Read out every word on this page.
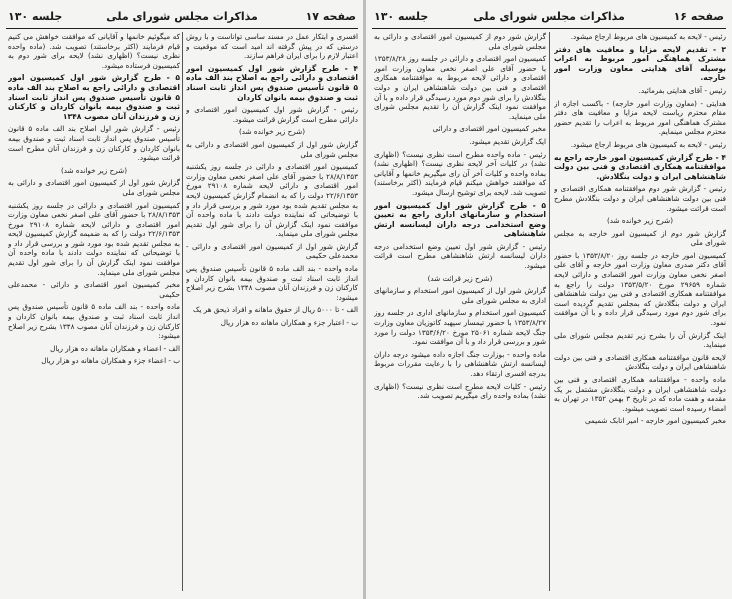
صفحه ۱۷
مذاکرات مجلس شورای ملی
جلسه ۱۳۰

افسری و ابتکار عمل در مسند ساسی تواناست و با روش درستی که در پیش گرفته اند امید است که موقعیت و اعتبار لازم را برای ایران فراهم سازند.

۴ - طرح گزارش شور اول کمیسیون امور اقتصادی و دارائی راجع به اصلاح بند الف ماده ۵ قانون تأسیس صندوق پس انداز ثابت اسناد ثبت و صندوق بیمه بانوان کاردان

رئیس - گزارش شور اول کمیسیون امور اقتصادی و دارائی مطرح است گزارش قرائت میشود.

(شرح زیر خوانده شد)

گزارش شور اول از کمیسیون امور اقتصادی و دارائی به مجلس شورای ملی

کمیسیون امور اقتصادی و دارائی در جلسه روز یکشنبه ۲۸/۸/۱۳۵۳ با حضور آقای علی اصغر نخعی معاون وزارت امور اقتصادی و دارائی لایحه شماره ۲۹۱۰۸ مورخ ۲۲/۶/۱۳۵۳ دولت را که به انضمام گزارش کمیسیون لایحه به مجلس تقدیم شده بود مورد شور و بررسی قرار داد و با توضیحاتی که نماینده دولت دادند با ماده واحده آن موافقت نمود اینک گزارش آن را برای شور اول تقدیم مجلس شورای ملی مینماید.

گزارش شور اول از کمیسیون امور اقتصادی و دارائی - محمدعلی حکیمی

ماده واحده - بند الف ماده ۵ قانون تأسیس صندوق پس انداز ثابت اسناد ثبت و صندوق بیمه بانوان کاردان و کارکنان زن و فرزندان آنان مصوب ۱۳۴۸ بشرح زیر اصلاح میشود:

الف - تا ۵۰۰۰ ریال از حقوق ماهانه و افراد ذیحق هر یک

ب - اعتبار جزء و همکاران ماهانه ده هزار ریال

که میگوئیم خانمها و آقایانی که موافقت خواهش می کنیم قیام فرمایند (اکثر برخاستند) تصویب شد. (ماده واحده نظری نیست؟ (اظهاری نشد) لایحه برای شور دوم به کمیسیون فرستاده میشود.

۵ - طرح گزارش شور اول کمیسیون امور اقتصادی و دارائی راجع به اصلاح بند الف ماده ۵ قانون تأسیس صندوق پس انداز ثابت اسناد ثبت و صندوق بیمه بانوان کاردان و کارکنان زن و فرزندان آنان مصوب ۱۳۴۸

رئیس - گزارش شور اول اصلاح بند الف ماده ۵ قانون تأسیس صندوق پس انداز ثابت اسناد ثبت و صندوق بیمه بانوان کاردان و کارکنان زن و فرزندان آنان مطرح است قرائت میشود.

(شرح زیر خوانده شد)

گزارش شور اول از کمیسیون امور اقتصادی و دارائی به مجلس شورای ملی

کمیسیون امور اقتصادی و دارائی در جلسه روز یکشنبه ۲۸/۸/۱۳۵۳ با حضور آقای علی اصغر نخعی معاون وزارت امور اقتصادی و دارائی لایحه شماره ۲۹۱۰۸ مورخ ۲۲/۶/۱۳۵۳ دولت را که به ضمیمه گزارش کمیسیون لایحه به مجلس تقدیم شده بود مورد شور و بررسی قرار داد و با توضیحاتی که نماینده دولت دادند با ماده واحده آن موافقت نمود اینک گزارش آن را برای شور اول تقدیم مجلس شورای ملی مینماید.

مخبر کمیسیون امور اقتصادی و دارائی - محمدعلی حکیمی

ماده واحده - بند الف ماده ۵ قانون تأسیس صندوق پس انداز ثابت اسناد ثبت و صندوق بیمه بانوان کاردان و کارکنان زن و فرزندان آنان مصوب ۱۳۴۸ بشرح زیر اصلاح میشود:

الف - اعضاء و همکاران ماهانه ده هزار ریال

ب - اعضاء جزء و همکاران ماهانه دو هزار ریال

صفحه ۱۶
مذاکرات مجلس شورای ملی
جلسه ۱۳۰

رئیس - لایحه به کمیسیون های مربوط ارجاع میشود.

۳ - تقدیم لایحه مزایا و معافیت های دفتر مشترک هماهنگی امور مربوط به اعراب بوسیله آقای هدایتی معاون وزارت امور خارجه.

رئیس - آقای هدایتی بفرمائید.

هدایتی - (معاون وزارت امور خارجه) - باکسب اجازه از مقام محترم ریاست لایحه مزایا و معافیت های دفتر مشترک هماهنگی امور مربوط به اعراب را تقدیم حضور محترم مجلس مینمایم.

رئیس - لایحه به کمیسیون های مربوط ارجاع میشود.

۴ - طرح گزارش کمیسیون امور خارجه راجع به موافقتنامه همکاری اقتصادی و فنی بین دولت شاهنشاهی ایران و دولت بنگلادش.

رئیس - گزارش شور دوم موافقتنامه همکاری اقتصادی و فنی بین دولت شاهنشاهی ایران و دولت بنگلادش مطرح است قرائت میشود.

(شرح زیر خوانده شد)

گزارش شور دوم از کمیسیون امور خارجه به مجلس شورای ملی

کمیسیون امور خارجه در جلسه روز ۱۳۵۳/۸/۲۰ با حضور آقای دکتر صدری معاون وزارت امور خارجه و آقای علی اصغر نخعی معاون وزارت امور اقتصادی و دارائی لایحه شماره ۲۹۶۵۹ مورخ ۱۳۵۳/۵/۲۰ دولت را راجع به موافقتنامه همکاری اقتصادی و فنی بین دولت شاهنشاهی ایران و دولت بنگلادش که بمجلس تقدیم گردیده است برای شور دوم مورد رسیدگی قرار داده و با آن موافقت نمود.

اینک گزارش آن را بشرح زیر تقدیم مجلس شورای ملی مینماید.

لایحه قانون موافقتنامه همکاری اقتصادی و فنی بین دولت شاهنشاهی ایران و دولت بنگلادش

ماده واحده - موافقتنامه همکاری اقتصادی و فنی بین دولت شاهنشاهی ایران و دولت بنگلادش مشتمل بر یک مقدمه و هفت ماده که در تاریخ ۳ بهمن ۱۳۵۲ در تهران به امضاء رسیده است تصویب میشود.

مخبر کمیسیون امور خارجه - امیر اتابک شمیمی

گزارش شور دوم از کمیسیون امور اقتصادی و دارائی به مجلس شورای ملی

کمیسیون امور اقتصادی و دارائی در جلسه روز ۱۳۵۳/۸/۲۸ با حضور آقای علی اصغر نخعی معاون وزارت امور اقتصادی و دارائی لایحه مربوط به موافقتنامه همکاری اقتصادی و فنی بین دولت شاهنشاهی ایران و دولت بنگلادش را برای شور دوم مورد رسیدگی قرار داده و با آن موافقت نمود اینک گزارش آن را تقدیم مجلس شورای ملی مینماید.

مخبر کمیسیون امور اقتصادی و دارائی

ایک گزارش تقدیم میشود.

رئیس - ماده واحده مطرح است نظری نیست؟ (اظهاری نشد) در کلیات آخر لایحه نظری نیست؟ (اظهاری نشد) بماده واحده و کلیات آخر آن رای میگیریم خانمها و آقایانی که موافقند خواهش میکنم قیام فرمایند (اکثر برخاستند) تصویب شد. لایحه برای توشیح ارسال میشود.

۵ - طرح گزارش شور اول کمیسیون امور استخدام و سازمانهای اداری راجع به تعیین وضع استخدامی درجه داران لیسانسه ارتش شاهنشاهی

رئیس - گزارش شور اول تعیین وضع استخدامی درجه داران لیسانسه ارتش شاهنشاهی مطرح است قرائت میشود.

(شرح زیر قرائت شد)

گزارش شور اول از کمیسیون امور استخدام و سازمانهای اداری به مجلس شورای ملی

کمیسیون امور استخدام و سازمانهای اداری در جلسه روز ۱۳۵۳/۸/۲۷ با حضور تیمسار سپهبد کاتوزیان معاون وزارت جنگ لایحه شماره ۲۵۰۶۱ مورخ ۱۳۵۳/۶/۲۰ دولت را مورد شور و بررسی قرار داد و با آن موافقت نمود.

ماده واحده - بوزارت جنگ اجازه داده میشود درجه داران لیسانسه ارتش شاهنشاهی را با رعایت مقررات مربوط بدرجه افسری ارتقاء دهد.

رئیس - کلیات لایحه مطرح است نظری نیست؟ (اظهاری نشد) بماده واحده رای میگیریم تصویب شد.
